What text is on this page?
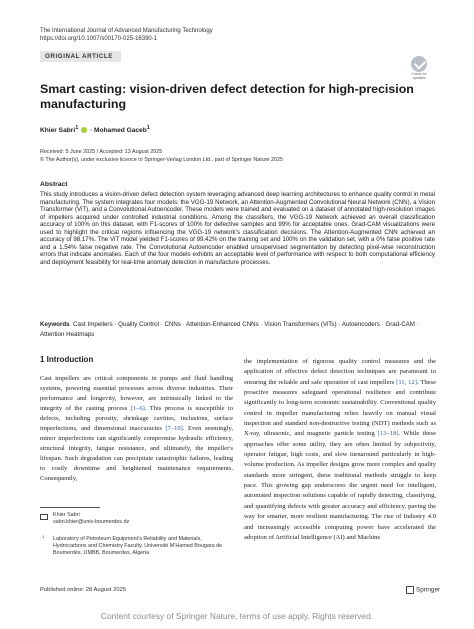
The International Journal of Advanced Manufacturing Technology
https://doi.org/10.1007/s00170-025-16390-1
ORIGINAL ARTICLE
Check for updates
Smart casting: vision-driven defect detection for high-precision manufacturing
Khier Sabri$^1$ · Mohamed Gaceb$^1$
Received: 5 June 2025 / Accepted: 13 August 2025
© The Author(s), under exclusive licence to Springer-Verlag London Ltd., part of Springer Nature 2025
Abstract
This study introduces a vision-driven defect detection system leveraging advanced deep learning architectures to enhance quality control in metal manufacturing. The system integrates four models: the VGG-19 Network, an Attention-Augmented Convolutional Neural Network (CNN), a Vision Transformer (ViT), and a Convolutional Autoencoder. These models were trained and evaluated on a dataset of annotated high-resolution images of impellers acquired under controlled industrial conditions. Among the classifiers, the VGG-19 Network achieved an overall classification accuracy of 100% on this dataset, with F1-scores of 100% for defective samples and 99% for acceptable ones. Grad-CAM visualizations were used to highlight the critical regions influencing the VGG-19 network’s classification decisions. The Attention-Augmented CNN achieved an accuracy of 98.17%. The ViT model yielded F1-scores of 99.42% on the training set and 100% on the validation set, with a 0% false positive rate and a 1.54% false negative rate. The Convolutional Autoencoder enabled unsupervised segmentation by detecting pixel-wise reconstruction errors that indicate anomalies. Each of the four models exhibits an acceptable level of performance with respect to both computational efficiency and deployment feasibility for real-time anomaly detection in manufacture processes.
Keywords Cast Impellers · Quality Control · CNNs · Attention-Enhanced CNNs · Vision Transformers (ViTs) · Autoencoders · Grad-CAM · Attention Heatmaps
1 Introduction
Cast impellers are critical components in pumps and fluid handling systems, powering essential processes across diverse industries. Their performance and longevity, however, are intrinsically linked to the integrity of the casting process [1–6]. This process is susceptible to defects, including porosity, shrinkage cavities, inclusions, surface imperfections, and dimensional inaccuracies [7–10]. Even seemingly, minor imperfections can significantly compromise hydraulic efficiency, structural integrity, fatigue resistance, and ultimately, the impeller's lifespan. Such degradation can precipitate catastrophic failures, leading to costly downtime and heightened maintenance requirements. Consequently,
the implementation of rigorous quality control measures and the application of effective defect detection techniques are paramount to ensuring the reliable and safe operation of cast impellers [11, 12]. These proactive measures safeguard operational resilience and contribute significantly to long-term economic sustainability. Conventional quality control in impeller manufacturing relies heavily on manual visual inspection and standard non-destructive testing (NDT) methods such as X-ray, ultrasonic, and magnetic particle testing [13–18]. While these approaches offer some utility, they are often limited by subjectivity, operator fatigue, high costs, and slow turnaround particularly in high-volume production. As impeller designs grow more complex and quality standards more stringent, these traditional methods struggle to keep pace. This growing gap underscores the urgent need for intelligent, automated inspection solutions capable of rapidly detecting, classifying, and quantifying defects with greater accuracy and efficiency, paving the way for smarter, more resilient manufacturing. The rise of Industry 4.0 and increasingly accessible computing power have accelerated the adoption of Artificial Intelligence (AI) and Machine
Khier Sabri
sabri.khier@univ-boumerdes.dz
1 Laboratory of Petroleum Equipment’s Reliability and Materials, Hydrocarbons and Chemistry Faculty, Université M’Hamed Bougara de Boumerdès, UMBB, Boumerdes, Algeria
Published online: 28 August 2025	Springer
Content courtesy of Springer Nature, terms of use apply. Rights reserved.
